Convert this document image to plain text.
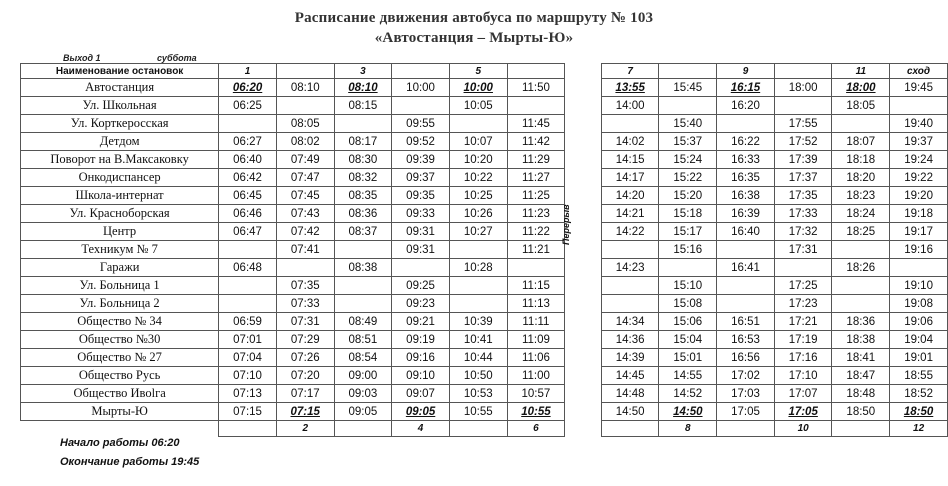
Расписание движения автобуса по маршруту № 103
«Автостанция – Мырты-Ю»
Выход 1	суббота
Наименование остановок	1		3		5			7		9		11	сход
Автостанция	06:20	08:10	08:10	10:00	10:00	11:50		13:55	15:45	16:15	18:00	18:00	19:45
Ул. Школьная	06:25		08:15		10:05			14:00		16:20		18:05	
Ул. Корткеросская		08:05		09:55		11:45			15:40		17:55		19:40
Детдом	06:27	08:02	08:17	09:52	10:07	11:42		14:02	15:37	16:22	17:52	18:07	19:37
Поворот на В.Максаковку	06:40	07:49	08:30	09:39	10:20	11:29		14:15	15:24	16:33	17:39	18:18	19:24
Онкодиспансер	06:42	07:47	08:32	09:37	10:22	11:27		14:17	15:22	16:35	17:37	18:20	19:22
Школа-интернат	06:45	07:45	08:35	09:35	10:25	11:25		14:20	15:20	16:38	17:35	18:23	19:20
Ул. Красноборская	06:46	07:43	08:36	09:33	10:26	11:23		14:21	15:18	16:39	17:33	18:24	19:18
Центр	06:47	07:42	08:37	09:31	10:27	11:22		14:22	15:17	16:40	17:32	18:25	19:17
Техникум № 7		07:41		09:31		11:21			15:16		17:31		19:16
Гаражи	06:48		08:38		10:28			14:23		16:41		18:26	
Ул. Больница 1		07:35		09:25		11:15			15:10		17:25		19:10
Ул. Больница 2		07:33		09:23		11:13			15:08		17:23		19:08
Общество № 34	06:59	07:31	08:49	09:21	10:39	11:11		14:34	15:06	16:51	17:21	18:36	19:06
Общество №30	07:01	07:29	08:51	09:19	10:41	11:09		14:36	15:04	16:53	17:19	18:38	19:04
Общество № 27	07:04	07:26	08:54	09:16	10:44	11:06		14:39	15:01	16:56	17:16	18:41	19:01
Общество Русь	07:10	07:20	09:00	09:10	10:50	11:00		14:45	14:55	17:02	17:10	18:47	18:55
Общество Ивоlга	07:13	07:17	09:03	09:07	10:53	10:57		14:48	14:52	17:03	17:07	18:48	18:52
Мырты-Ю	07:15	07:15	09:05	09:05	10:55	10:55		14:50	14:50	17:05	17:05	18:50	18:50
		2		4		6			8		10		12
Перерыв
Начало работы 06:20
Окончание работы 19:45
